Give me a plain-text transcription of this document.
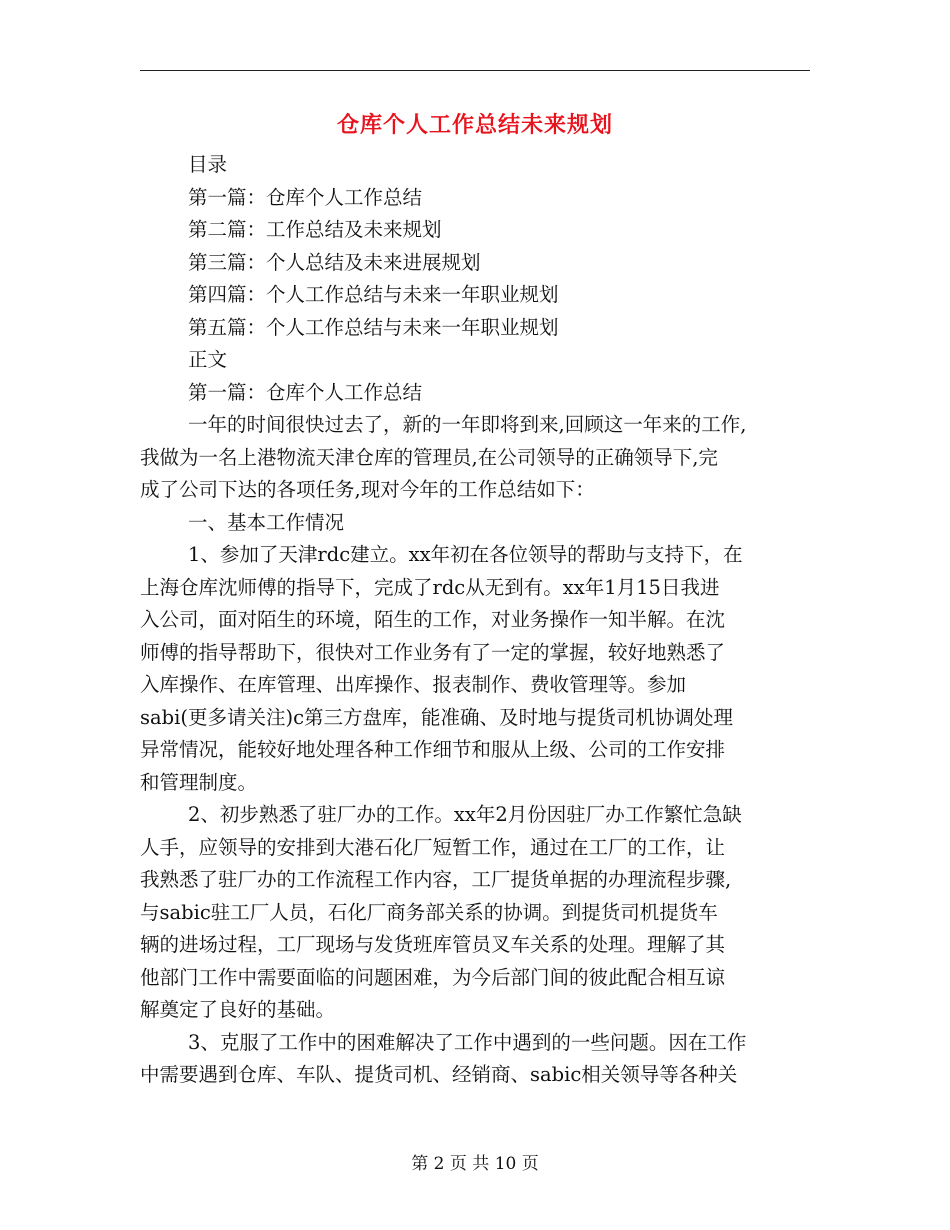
仓库个人工作总结未来规划
目录
第一篇：仓库个人工作总结
第二篇：工作总结及未来规划
第三篇：个人总结及未来进展规划
第四篇：个人工作总结与未来一年职业规划
第五篇：个人工作总结与未来一年职业规划
正文
第一篇：仓库个人工作总结
一年的时间很快过去了，新的一年即将到来,回顾这一年来的工作,
我做为一名上港物流天津仓库的管理员,在公司领导的正确领导下,完
成了公司下达的各项任务,现对今年的工作总结如下：
一、基本工作情况
1、参加了天津rdc建立。xx年初在各位领导的帮助与支持下，在
上海仓库沈师傅的指导下，完成了rdc从无到有。xx年1月15日我进
入公司，面对陌生的环境，陌生的工作，对业务操作一知半解。在沈
师傅的指导帮助下，很快对工作业务有了一定的掌握，较好地熟悉了
入库操作、在库管理、出库操作、报表制作、费收管理等。参加
sabi(更多请关注)c第三方盘库，能准确、及时地与提货司机协调处理
异常情况，能较好地处理各种工作细节和服从上级、公司的工作安排
和管理制度。
2、初步熟悉了驻厂办的工作。xx年2月份因驻厂办工作繁忙急缺
人手，应领导的安排到大港石化厂短暂工作，通过在工厂的工作，让
我熟悉了驻厂办的工作流程工作内容，工厂提货单据的办理流程步骤,
与sabic驻工厂人员，石化厂商务部关系的协调。到提货司机提货车
辆的进场过程，工厂现场与发货班库管员叉车关系的处理。理解了其
他部门工作中需要面临的问题困难，为今后部门间的彼此配合相互谅
解奠定了良好的基础。
3、克服了工作中的困难解决了工作中遇到的一些问题。因在工作
中需要遇到仓库、车队、提货司机、经销商、sabic相关领导等各种关
第 2 页 共 10 页
